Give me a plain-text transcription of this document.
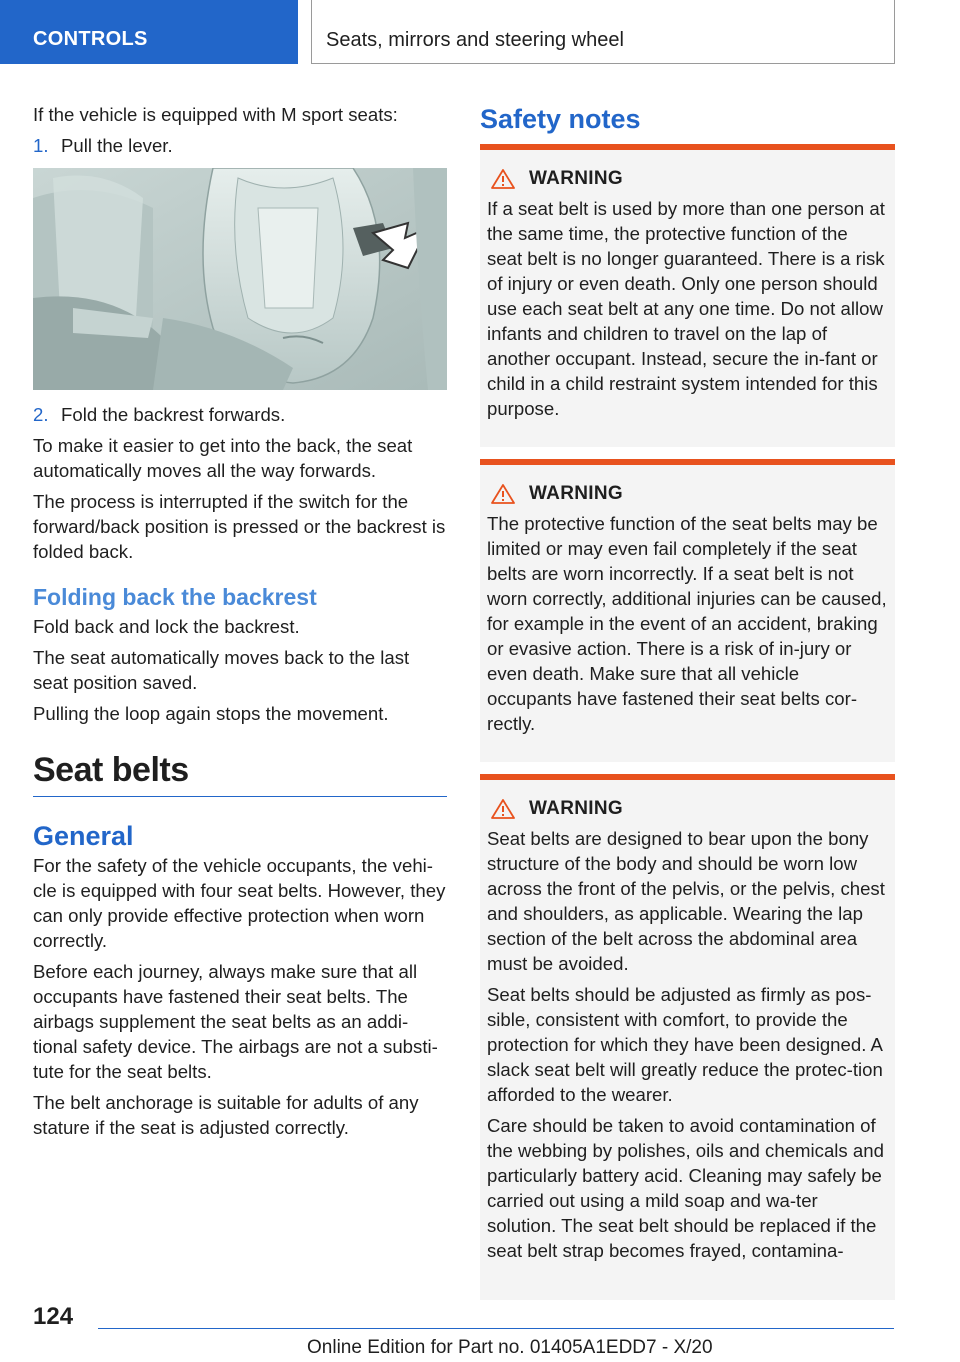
CONTROLS	Seats, mirrors and steering wheel

If the vehicle is equipped with M sport seats:

1. Pull the lever.
2. Fold the backrest forwards.

To make it easier to get into the back, the seat automatically moves all the way forwards.

The process is interrupted if the switch for the forward/back position is pressed or the backrest is folded back.

Folding back the backrest

Fold back and lock the backrest.

The seat automatically moves back to the last seat position saved.

Pulling the loop again stops the movement.

Seat belts
General

For the safety of the vehicle occupants, the vehi-cle is equipped with four seat belts. However, they can only provide effective protection when worn correctly.

Before each journey, always make sure that all occupants have fastened their seat belts. The airbags supplement the seat belts as an addi-tional safety device. The airbags are not a substi-tute for the seat belts.

The belt anchorage is suitable for adults of any stature if the seat is adjusted correctly.

Safety notes

WARNING

If a seat belt is used by more than one person at the same time, the protective function of the seat belt is no longer guaranteed. There is a risk of injury or even death. Only one person should use each seat belt at any one time. Do not allow infants and children to travel on the lap of another occupant. Instead, secure the in-fant or child in a child restraint system intended for this purpose.

WARNING

The protective function of the seat belts may be limited or may even fail completely if the seat belts are worn incorrectly. If a seat belt is not worn correctly, additional injuries can be caused, for example in the event of an accident, braking or evasive action. There is a risk of in-jury or even death. Make sure that all vehicle occupants have fastened their seat belts cor-rectly.

WARNING

Seat belts are designed to bear upon the bony structure of the body and should be worn low across the front of the pelvis, or the pelvis, chest and shoulders, as applicable. Wearing the lap section of the belt across the abdominal area must be avoided.

Seat belts should be adjusted as firmly as pos-sible, consistent with comfort, to provide the protection for which they have been designed. A slack seat belt will greatly reduce the protec-tion afforded to the wearer.

Care should be taken to avoid contamination of the webbing by polishes, oils and chemicals and particularly battery acid. Cleaning may safely be carried out using a mild soap and wa-ter solution. The seat belt should be replaced if the seat belt strap becomes frayed, contamina-

124
Online Edition for Part no. 01405A1EDD7 - X/20
